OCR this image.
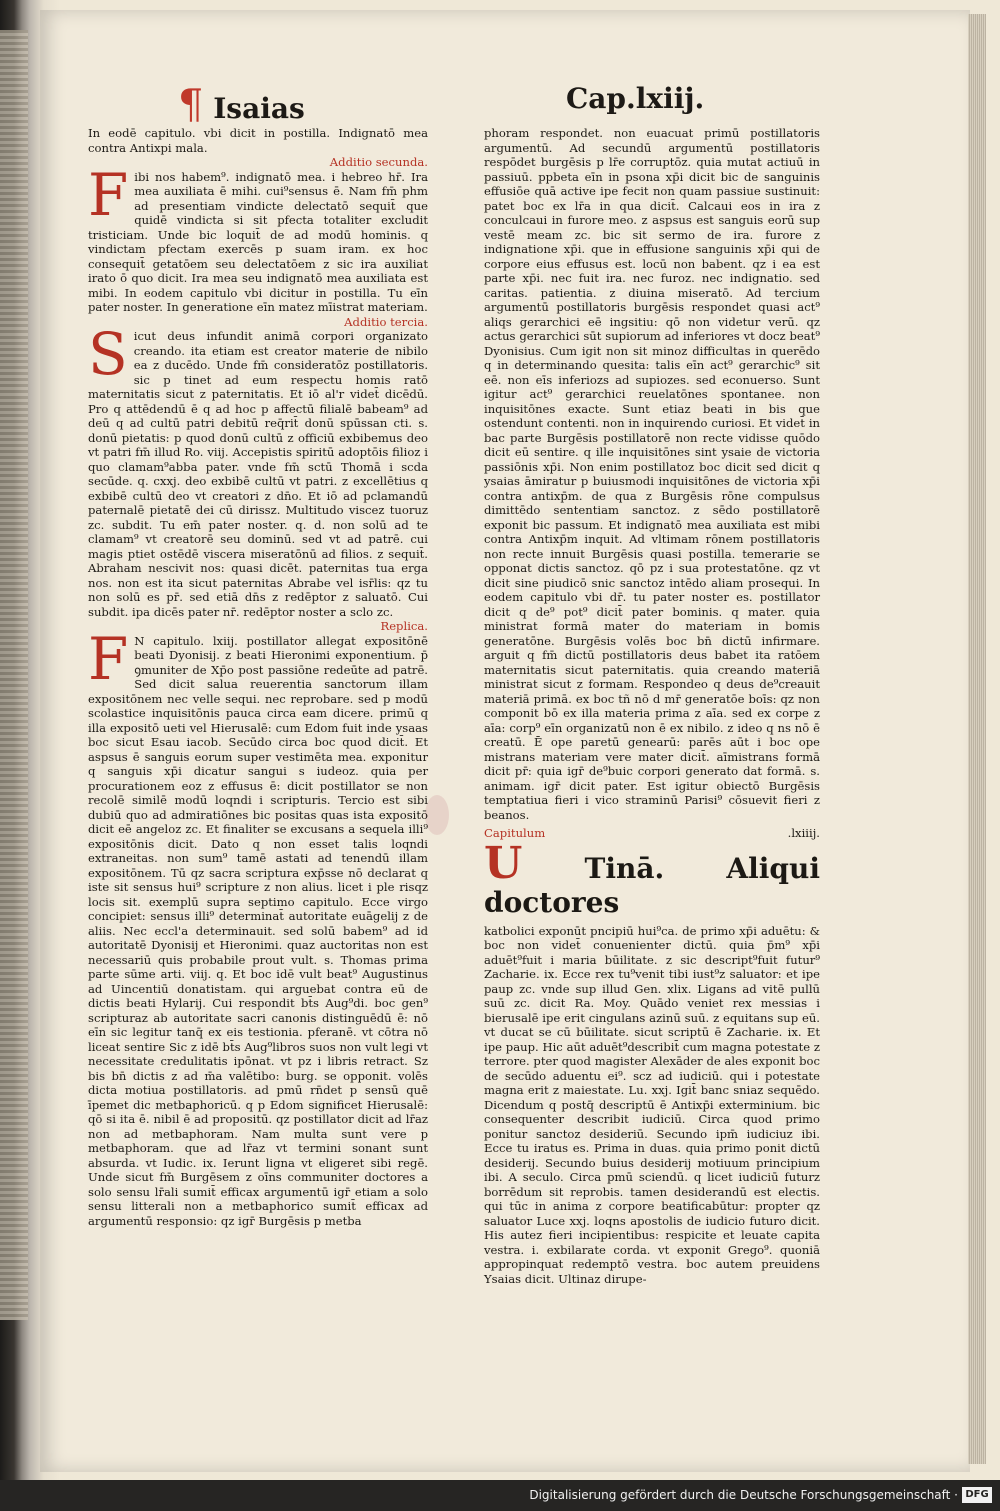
¶ Isaias	Cap.lxiij.

In eodē capitulo. vbi dicit in postilla. Indignatō mea contra Antixpi mala.

Additio secunda.

Fibi nos habem⁹. indignatō mea. i hebreo hr̄. Ira mea auxiliata ē mihi. cui⁹sensus ē. Nam fm̄ phm ad presentiam vindicte delectatō sequit̄ que quidē vindicta si sit pfecta totaliter excludit tristiciam. Unde bic loquit̄ de ad modū hominis. q vindictam pfectam exercēs p suam iram. ex hoc consequit̄ getatōem seu delectatōem z sic ira auxiliat irato ō quo dicit. Ira mea seu indignatō mea auxiliata est mibi. In eodem capitulo vbi dicitur in postilla. Tu eīn pater noster. In generatione eīn matez mīistrat materiam.

Additio tercia.

Sicut deus infundit animā corpori organizato creando. ita etiam est creator materie de nibilo ea z ducēdo. Unde fm̄ consideratōz postillatoris. sic p tinet ad eum respectu homis ratō maternitatis sicut z paternitatis. Et iō al'r videt̄ dicēdū. Pro q attēdendū ē q ad hoc p affectū filialē babeam⁹ ad deū q ad cultū patri debitū req̄rit̄ donū spūssan cti. s. donū pietatis: p quod donū cultū z officiū exbibemus deo vt patri fm̄ illud Ro. viij. Accepistis spiritū adoptōis filioz i quo clamam⁹abba pater. vnde fm̄ sctū Thomā i scda secūde. q. cxxj. deo exbibē cultū vt patri. z excellētius q exbibē cultū deo vt creatori z dn̄o. Et iō ad pclamandū paternalē pietatē dei cū dirissz. Multitudo viscez tuoruz zc. subdit. Tu em̄ pater noster. q. d. non solū ad te clamam⁹ vt creatorē seu dominū. sed vt ad patrē. cui magis ptiet ostēdē viscera miseratōnū ad filios. z sequit̄. Abraham nescivit nos: quasi dicēt. paternitas tua erga nos. non est ita sicut paternitas Abrabe vel isr̄lis: qz tu non solū es pr̄. sed etiā dn̄s z redēptor z saluatō. Cui subdit. ipa dicēs pater nr̄. redēptor noster a sclo zc.

Replica.

F N capitulo. lxiij. postillator allegat expositōnē beati Dyonisij. z beati Hieronimi exponentium. p̄ ꝯmuniter de Xp̄o post passiōne redeūte ad patrē. Sed dicit salua reuerentia sanctorum illam expositōnem nec velle sequi. nec reprobare. sed p modū scolastice inquisitōnis pauca circa eam dicere. primū q illa expositō ueti vel Hierusalē: cum Edom fuit inde ysaas boc sicut Esau iacob. Secūdo circa boc quod dicit̄. Et aspsus ē sanguis eorum super vestimēta mea. exponitur q sanguis xp̄i dicatur sangui s iudeoz. quia per procurationem eoz z effusus ē: dicit postillator se non recolē similē modū loqndi i scripturis. Tercio est sibi dubiū quo ad admiratiōnes bic positas quas ista expositō dicit eē angeloz zc. Et finaliter se excusans a sequela illi⁹ expositōnis dicit. Dato q non esset talis loqndi extraneitas. non sum⁹ tamē astati ad tenendū illam expositōnem. Tū qz sacra scriptura exp̄sse nō declarat q iste sit sensus hui⁹ scripture z non alius. licet i ple risqz locis sit. exemplū supra septimo capitulo. Ecce virgo concipiet: sensus illi⁹ determinat̄ autoritate euāgelij z de aliis. Nec eccl'a determinauit. sed solū babem⁹ ad id autoritatē Dyonisij et Hieronimi. quaz auctoritas non est necessariū quis probabile prout vult. s. Thomas prima parte sūme arti. viij. q. Et boc idē vult beat⁹ Augustinus ad Uincentiū donatistam. qui arguebat contra eū de dictis beati Hylarij. Cui respondit bt̄s Aug⁹di. boc gen⁹ scripturaz ab autoritate sacri canonis distinguēdū ē: nō eīn sic legitur tanq̄ ex eis testionia. pferanē. vt cōtra nō liceat sentire Sic z idē bt̄s Aug⁹libros suos non vult legi vt necessitate credulitatis ipōnat. vt pz i libris retract. Sz bis bn̄ dictis z ad m̄a valētibo: burg. se opponit. volēs dicta motiua postillatoris. ad pmū rn̄det p sensū quē īpemet dic metbaphoricū. q p Edom significet Hierusalē: qō si ita ē. nibil ē ad propositū. qz postillator dicit ad lr̄az non ad metbaphoram. Nam multa sunt vere p metbaphoram. que ad lr̄az vt termini sonant sunt absurda. vt Iudic. ix. Ierunt ligna vt eligeret sibi regē. Unde sicut fm̄ Burgēsem z oīns communiter doctores a solo sensu lr̄ali sumit̄ efficax argumentū igr̄ etiam a solo sensu litterali non a metbaphorico sumit̄ efficax ad argumentū responsio: qz igr̄ Burgēsis p metba

phoram respondet. non euacuat primū postillatoris argumentū. Ad secundū argumentū postillatoris respōdet burgēsis p lr̄e corruptōz. quia mutat actiuū in passiuū. ppbeta eīn in psona xp̄i dicit bic de sanguinis effusiōe quā active ipe fecit non quam passiue sustinuit: patet boc ex lr̄a in qua dicit̄. Calcaui eos in ira z conculcaui in furore meo. z aspsus est sanguis eorū sup vestē meam zc. bic sit sermo de ira. furore z indignatione xp̄i. que in effusione sanguinis xp̄i qui de corpore eius effusus est. locū non babent. qz i ea est parte xp̄i. nec fuit ira. nec furoz. nec indignatio. sed caritas. patientia. z diuina miseratō. Ad tercium argumentū postillatoris burgēsis respondet quasi act⁹ aliqs gerarchici eē ingsitiu: qō non videtur verū. qz actus gerarchici sūt supiorum ad inferiores vt docz beat⁹ Dyonisius. Cum igit non sit minoz difficultas in querēdo q in determinando quesita: talis eīn act⁹ gerarchic⁹ sit eē. non eīs inferiozs ad supiozes. sed econuerso. Sunt igitur act⁹ gerarchici reuelatōnes spontanee. non inquisitōnes exacte. Sunt etiaz beati in bis que ostendunt contenti. non in inquirendo curiosi. Et videt̄ in bac parte Burgēsis postillatorē non recte vidisse quōdo dicit eū sentire. q ille inquisitōnes sint ysaie de victoria passiōnis xp̄i. Non enim postillatoz boc dicit sed dicit q ysaias āmiratur p buiusmodi inquisitōnes de victoria xp̄i contra antixp̄m. de qua z Burgēsis rōne compulsus dimittēdo sententiam sanctoz. z sēdo postillatorē exponit bic passum. Et indignatō mea auxiliata est mibi contra Antixp̄m inquit. Ad vltimam rōnem postillatoris non recte innuit Burgēsis quasi postilla. temerarie se opponat dictis sanctoz. qō pz i sua protestatōne. qz vt dicit sine piudicō snic sanctoz intēdo aliam prosequi. In eodem capitulo vbi dr̄. tu pater noster es. postillator dicit q de⁹ pot⁹ dicit̄ pater bominis. q mater. quia ministrat formā mater do materiam in bomis generatōne. Burgēsis volēs boc bn̄ dictū infirmare. arguit q fm̄ dictū postillatoris deus babet ita ratōem maternitatis sicut paternitatis. quia creando materiā ministrat sicut z formam. Respondeo q deus de⁹creauit materiā primā. ex boc tñ nō d mr̄ generatōe boīs: qz non componit bō ex illa materia prima z aīa. sed ex corpe z aīa: corp⁹ eīn organizatū non ē ex nibilo. z ideo q ns nō ē creatū. Ē ope paretū genearū: parēs aūt i boc ope mistrans materiam vere mater dicit̄. aīmistrans formā dicit pr̄: quia igr̄ de⁹buic corpori generato dat formā. s. animam. igr̄ dicit pater. Est igitur obiectō Burgēsis temptatiua fieri i vico straminū Parisi⁹ cōsuevit fieri z beanos.

Capitulum	.lxiiij.
U Tinā. Aliqui doctores

katbolici exponūt pncipiū hui⁹ca. de primo xp̄i aduētu: & boc non videt̄ conuenienter dictū. quia p̄m⁹ xp̄i aduēt⁹fuit i maria būilitate. z sic descript⁹fuit futur⁹ Zacharie. ix. Ecce rex tu⁹venit tibi iust⁹z saluator: et ipe paup zc. vnde sup illud Gen. xlix. Ligans ad vitē pullū suū zc. dicit Ra. Moy. Quādo veniet rex messias i bierusalē ipe erit cingulans azinū suū. z equitans sup eū. vt ducat se cū būilitate. sicut scriptū ē Zacharie. ix. Et ipe paup. Hic aūt aduēt⁹describit̄ cum magna potestate z terrore. pter quod magister Alexāder de ales exponit boc de secūdo aduentu ei⁹. scz ad iudiciū. qui i potestate magna erit z maiestate. Lu. xxj. Igit̄ banc sniaz sequēdo. Dicendum q postq̄ descriptū ē Antixp̄i exterminium. bic consequenter describit iudiciū. Circa quod primo ponitur sanctoz desideriū. Secundo ipm̄ iudiciuz ibi. Ecce tu iratus es. Prima in duas. quia primo ponit dictū desiderij. Secundo buius desiderij motiuum principium ibi. A seculo. Circa pmū sciendū. q licet iudiciū futurz borrēdum sit reprobis. tamen desiderandū est electis. qui tūc in anima z corpore beatificabūtur: propter qz saluator Luce xxj. loqns apostolis de iudicio futuro dicit. His autez fieri incipientibus: respicite et leuate capita vestra. i. exbilarate corda. vt exponit Grego⁹. quoniā appropinquat redemptō vestra. boc autem preuidens Ysaias dicit. Ultinaz dirupe-

Digitalisierung gefördert durch die Deutsche Forschungsgemeinschaft · DFG
